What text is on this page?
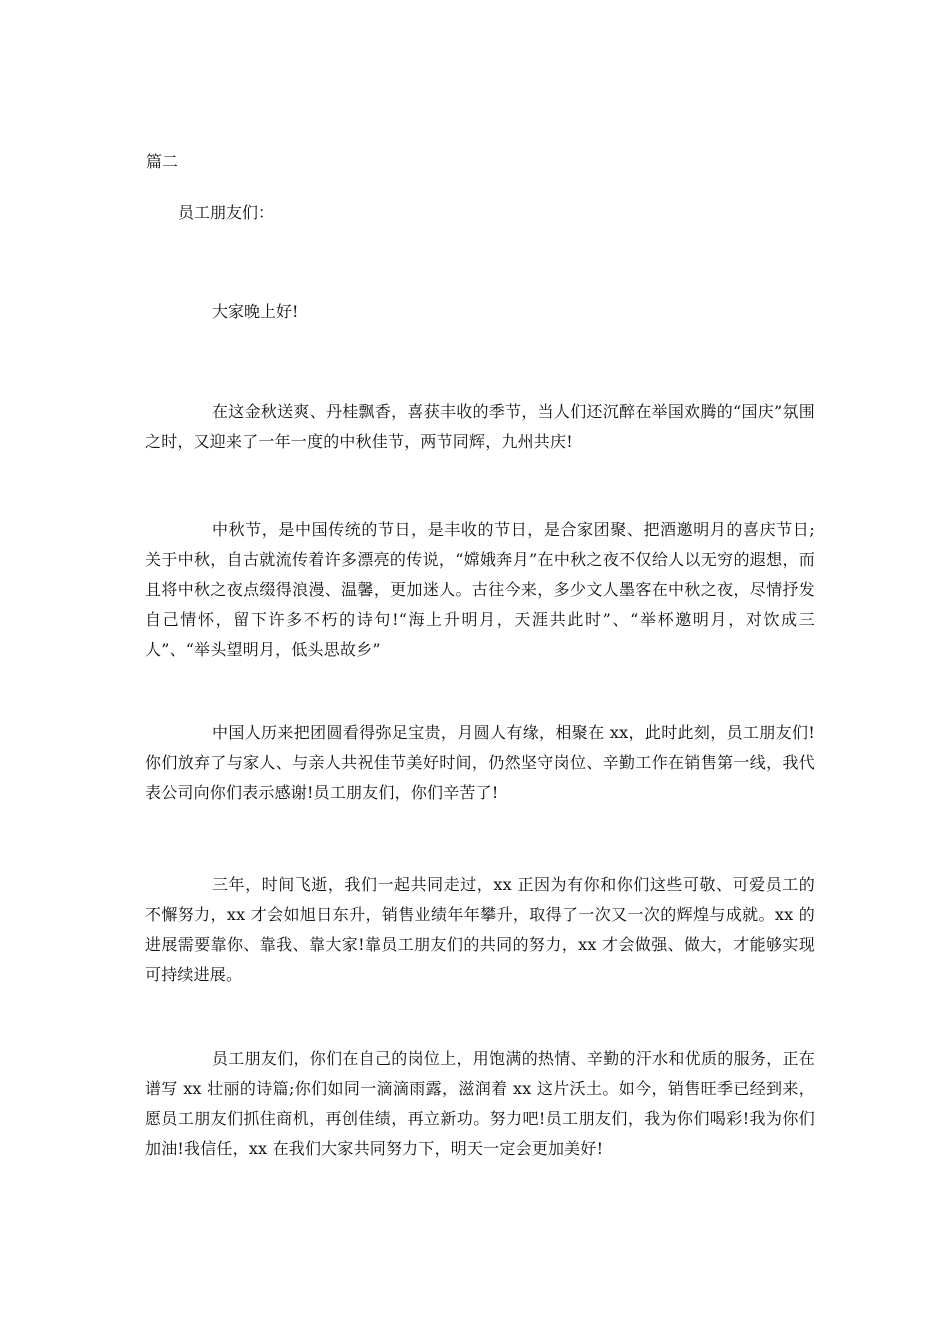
篇二
员工朋友们：
大家晚上好!
在这金秋送爽、丹桂飘香，喜获丰收的季节，当人们还沉醉在举国欢腾的“国庆”氛围之时，又迎来了一年一度的中秋佳节，两节同辉，九州共庆!
中秋节，是中国传统的节日，是丰收的节日，是合家团聚、把酒邀明月的喜庆节日;关于中秋，自古就流传着许多漂亮的传说，“嫦娥奔月”在中秋之夜不仅给人以无穷的遐想，而且将中秋之夜点缀得浪漫、温馨，更加迷人。古往今来，多少文人墨客在中秋之夜，尽情抒发自己情怀，留下许多不朽的诗句!“海上升明月，天涯共此时”、“举杯邀明月，对饮成三人”、“举头望明月，低头思故乡”
中国人历来把团圆看得弥足宝贵，月圆人有缘，相聚在 xx，此时此刻，员工朋友们!你们放弃了与家人、与亲人共祝佳节美好时间，仍然坚守岗位、辛勤工作在销售第一线，我代表公司向你们表示感谢!员工朋友们，你们辛苦了!
三年，时间飞逝，我们一起共同走过，xx 正因为有你和你们这些可敬、可爱员工的不懈努力，xx 才会如旭日东升，销售业绩年年攀升，取得了一次又一次的辉煌与成就。xx 的进展需要靠你、靠我、靠大家!靠员工朋友们的共同的努力，xx 才会做强、做大，才能够实现可持续进展。
员工朋友们，你们在自己的岗位上，用饱满的热情、辛勤的汗水和优质的服务，正在谱写 xx 壮丽的诗篇;你们如同一滴滴雨露，滋润着 xx 这片沃土。如今，销售旺季已经到来，愿员工朋友们抓住商机，再创佳绩，再立新功。努力吧!员工朋友们，我为你们喝彩!我为你们加油!我信任，xx 在我们大家共同努力下，明天一定会更加美好!
